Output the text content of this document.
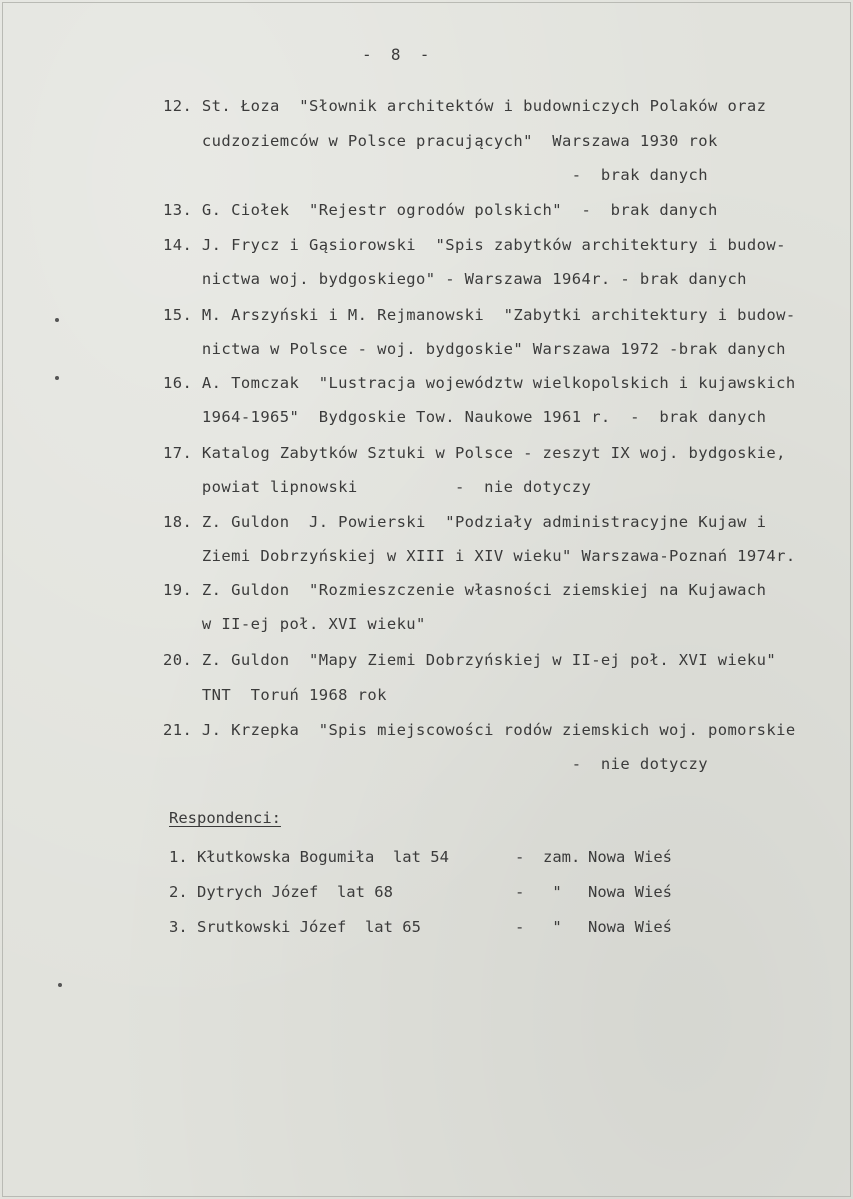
-  8  -
12. St. Łoza  "Słownik architektów i budowniczych Polaków oraz
cudzoziemców w Polsce pracujących"  Warszawa 1930 rok
-  brak danych
13. G. Ciołek  "Rejestr ogrodów polskich"  -  brak danych
14. J. Frycz i Gąsiorowski  "Spis zabytków architektury i budow-
nictwa woj. bydgoskiego" - Warszawa 1964r. - brak danych
15. M. Arszyński i M. Rejmanowski  "Zabytki architektury i budow-
nictwa w Polsce - woj. bydgoskie" Warszawa 1972 -brak danych
16. A. Tomczak  "Lustracja województw wielkopolskich i kujawskich
1964-1965"  Bydgoskie Tow. Naukowe 1961 r.  -  brak danych
17. Katalog Zabytków Sztuki w Polsce - zeszyt IX woj. bydgoskie,
powiat lipnowski          -  nie dotyczy
18. Z. Guldon  J. Powierski  "Podziały administracyjne Kujaw i
Ziemi Dobrzyńskiej w XIII i XIV wieku" Warszawa-Poznań 1974r.
19. Z. Guldon  "Rozmieszczenie własności ziemskiej na Kujawach
w II-ej poł. XVI wieku"
20. Z. Guldon  "Mapy Ziemi Dobrzyńskiej w II-ej poł. XVI wieku"
TNT  Toruń 1968 rok
21. J. Krzepka  "Spis miejscowości rodów ziemskich woj. pomorskie
-  nie dotyczy
Respondenci:
1. Kłutkowska Bogumiła  lat 54	-  zam. Nowa Wieś
2. Dytrych Józef  lat 68	-   " Nowa Wieś
3. Srutkowski Józef  lat 65	-   " Nowa Wieś
